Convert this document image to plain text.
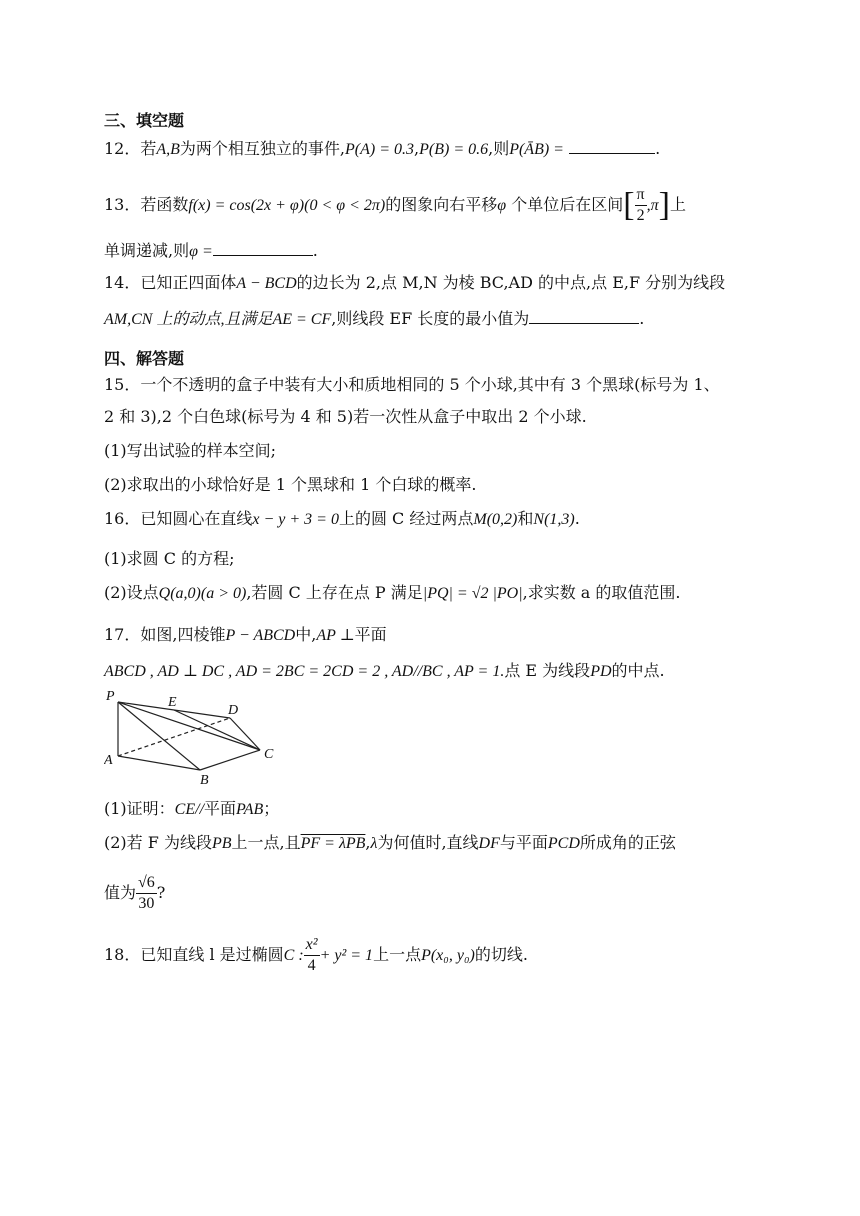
三、填空题
12．若A,B为两个相互独立的事件,P(A) = 0.3,P(B) = 0.6,则P(ĀB) =	.
13．若函数f(x) = cos(2x + φ)(0 < φ < 2π)的图象向右平移φ 个单位后在区间[ $\frac{\pi}{2} ,\pi$]上
单调递减,则φ =	.
14．已知正四面体A − BCD的边长为 2,点 M,N 为棱 BC,AD 的中点,点 E,F 分别为线段
AM,CN 上的动点,且满足AE = CF,则线段 EF 长度的最小值为	.
四、解答题
15．一个不透明的盒子中装有大小和质地相同的 5 个小球,其中有 3 个黑球(标号为 1、
2 和 3),2 个白色球(标号为 4 和 5)若一次性从盒子中取出 2 个小球.
(1)写出试验的样本空间;
(2)求取出的小球恰好是 1 个黑球和 1 个白球的概率.
16．已知圆心在直线x − y + 3 = 0上的圆 C 经过两点M(0,2)和N(1,3).
(1)求圆 C 的方程;
(2)设点Q(a,0)(a > 0),若圆 C 上存在点 P 满足|PQ| = √2 |PO|,求实数 a 的取值范围.
17．如图,四棱锥P − ABCD中,AP ⊥平面
ABCD , AD ⊥ DC , AD = 2BC = 2CD = 2 , AD//BC , AP = 1.点 E 为线段PD的中点.
P	E
D
A	C
B
(1)证明：CE//平面PAB；
(2)若 F 为线段PB上一点,且PF = λPB,λ为何值时,直线DF与平面PCD所成角的正弦
值为 $\frac{√6}{30}$ ?
18．已知直线 l 是过椭圆C : $\frac{\text{x²}}{4} + y^2 = 1$上一点P(x₀, y₀)的切线.
